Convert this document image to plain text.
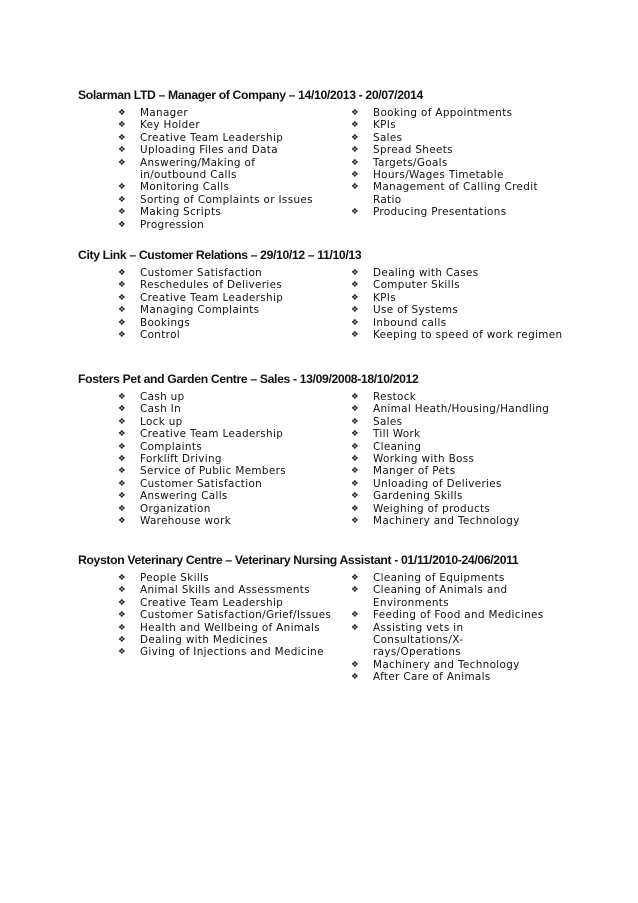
Solarman LTD – Manager of Company – 14/10/2013 - 20/07/2014
❖ Manager
❖ Key Holder
❖ Creative Team Leadership
❖ Uploading Files and Data
❖ Answering/Making of in/outbound Calls
❖ Monitoring Calls
❖ Sorting of Complaints or Issues
❖ Making Scripts
❖ Progression
❖ Booking of Appointments
❖ KPIs
❖ Sales
❖ Spread Sheets
❖ Targets/Goals
❖ Hours/Wages Timetable
❖ Management of Calling Credit Ratio
❖ Producing Presentations
City Link – Customer Relations – 29/10/12 – 11/10/13
❖ Customer Satisfaction
❖ Reschedules of Deliveries
❖ Creative Team Leadership
❖ Managing Complaints
❖ Bookings
❖ Control
❖ Dealing with Cases
❖ Computer Skills
❖ KPIs
❖ Use of Systems
❖ Inbound calls
❖ Keeping to speed of work regimen
Fosters Pet and Garden Centre – Sales - 13/09/2008-18/10/2012
❖ Cash up
❖ Cash In
❖ Lock up
❖ Creative Team Leadership
❖ Complaints
❖ Forklift Driving
❖ Service of Public Members
❖ Customer Satisfaction
❖ Answering Calls
❖ Organization
❖ Warehouse work
❖ Restock
❖ Animal Heath/Housing/Handling
❖ Sales
❖ Till Work
❖ Cleaning
❖ Working with Boss
❖ Manger of Pets
❖ Unloading of Deliveries
❖ Gardening Skills
❖ Weighing of products
❖ Machinery and Technology
Royston Veterinary Centre – Veterinary Nursing Assistant - 01/11/2010-24/06/2011
❖ People Skills
❖ Animal Skills and Assessments
❖ Creative Team Leadership
❖ Customer Satisfaction/Grief/Issues
❖ Health and Wellbeing of Animals
❖ Dealing with Medicines
❖ Giving of Injections and Medicine
❖ Cleaning of Equipments
❖ Cleaning of Animals and Environments
❖ Feeding of Food and Medicines
❖ Assisting vets in Consultations/X-rays/Operations
❖ Machinery and Technology
❖ After Care of Animals
